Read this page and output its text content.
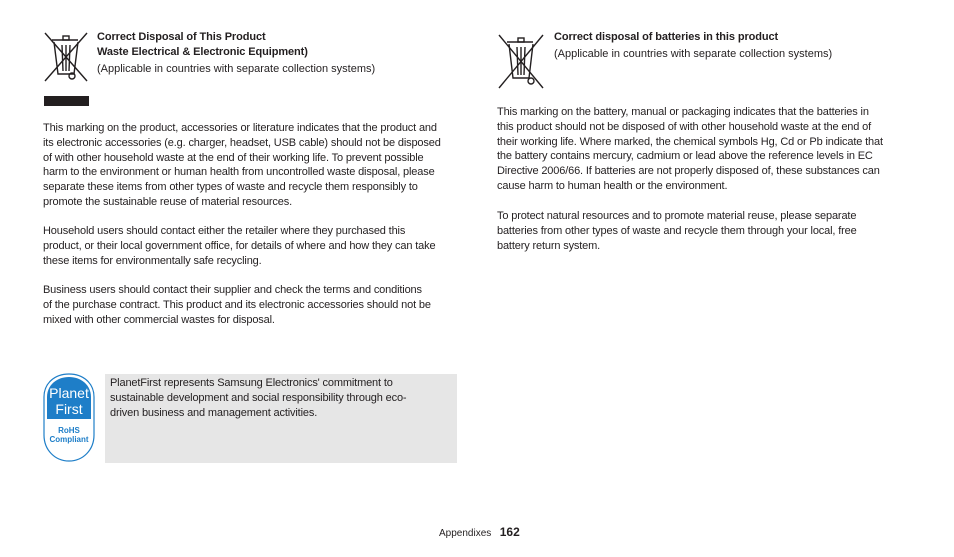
Correct Disposal of This Product
Waste Electrical & Electronic Equipment)
(Applicable in countries with separate collection systems)
This marking on the product, accessories or literature indicates that the product and
its electronic accessories (e.g. charger, headset, USB cable) should not be disposed
of with other household waste at the end of their working life. To prevent possible
harm to the environment or human health from uncontrolled waste disposal, please
separate these items from other types of waste and recycle them responsibly to
promote the sustainable reuse of material resources.
Household users should contact either the retailer where they purchased this
product, or their local government office, for details of where and how they can take
these items for environmentally safe recycling.
Business users should contact their supplier and check the terms and conditions
of the purchase contract. This product and its electronic accessories should not be
mixed with other commercial wastes for disposal.
Planet
First
RoHS
Compliant
PlanetFirst represents Samsung Electronics' commitment to
sustainable development and social responsibility through eco-
driven business and management activities.
Correct disposal of batteries in this product
(Applicable in countries with separate collection systems)
This marking on the battery, manual or packaging indicates that the batteries in
this product should not be disposed of with other household waste at the end of
their working life. Where marked, the chemical symbols Hg, Cd or Pb indicate that
the battery contains mercury, cadmium or lead above the reference levels in EC
Directive 2006/66. If batteries are not properly disposed of, these substances can
cause harm to human health or the environment.
To protect natural resources and to promote material reuse, please separate
batteries from other types of waste and recycle them through your local, free
battery return system.
Appendixes 162
